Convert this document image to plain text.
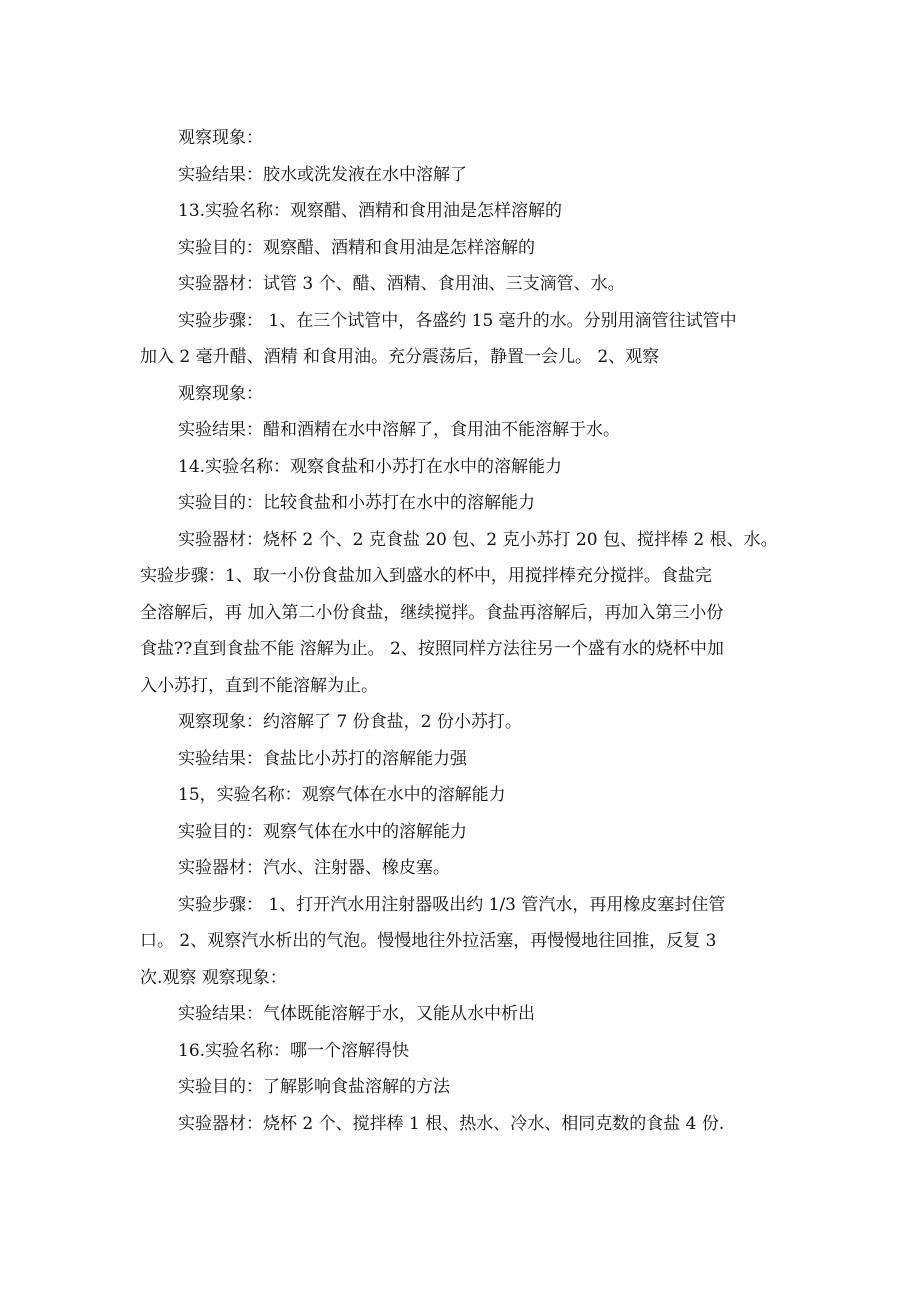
观察现象：

实验结果：胶水或洗发液在水中溶解了

13.实验名称：观察醋、酒精和食用油是怎样溶解的

实验目的：观察醋、酒精和食用油是怎样溶解的

实验器材：试管 3 个、醋、酒精、食用油、三支滴管、水。

实验步骤： 1、在三个试管中，各盛约 15 毫升的水。分别用滴管往试管中
加入 2 毫升醋、酒精 和食用油。充分震荡后，静置一会儿。 2、观察

观察现象：

实验结果：醋和酒精在水中溶解了，食用油不能溶解于水。

14.实验名称：观察食盐和小苏打在水中的溶解能力

实验目的：比较食盐和小苏打在水中的溶解能力

实验器材：烧杯 2 个、2 克食盐 20 包、2 克小苏打 20 包、搅拌棒 2 根、水。

实验步骤：1、取一小份食盐加入到盛水的杯中，用搅拌棒充分搅拌。食盐完
全溶解后，再 加入第二小份食盐，继续搅拌。食盐再溶解后，再加入第三小份
食盐??直到食盐不能 溶解为止。 2、按照同样方法往另一个盛有水的烧杯中加
入小苏打，直到不能溶解为止。

观察现象：约溶解了 7 份食盐，2 份小苏打。

实验结果：食盐比小苏打的溶解能力强

15，实验名称：观察气体在水中的溶解能力

实验目的：观察气体在水中的溶解能力

实验器材：汽水、注射器、橡皮塞。

实验步骤： 1、打开汽水用注射器吸出约 1/3 管汽水，再用橡皮塞封住管
口。 2、观察汽水析出的气泡。慢慢地往外拉活塞，再慢慢地往回推，反复 3
次.观察 观察现象：

实验结果：气体既能溶解于水，又能从水中析出

16.实验名称：哪一个溶解得快

实验目的：了解影响食盐溶解的方法

实验器材：烧杯 2 个、搅拌棒 1 根、热水、冷水、相同克数的食盐 4 份.
